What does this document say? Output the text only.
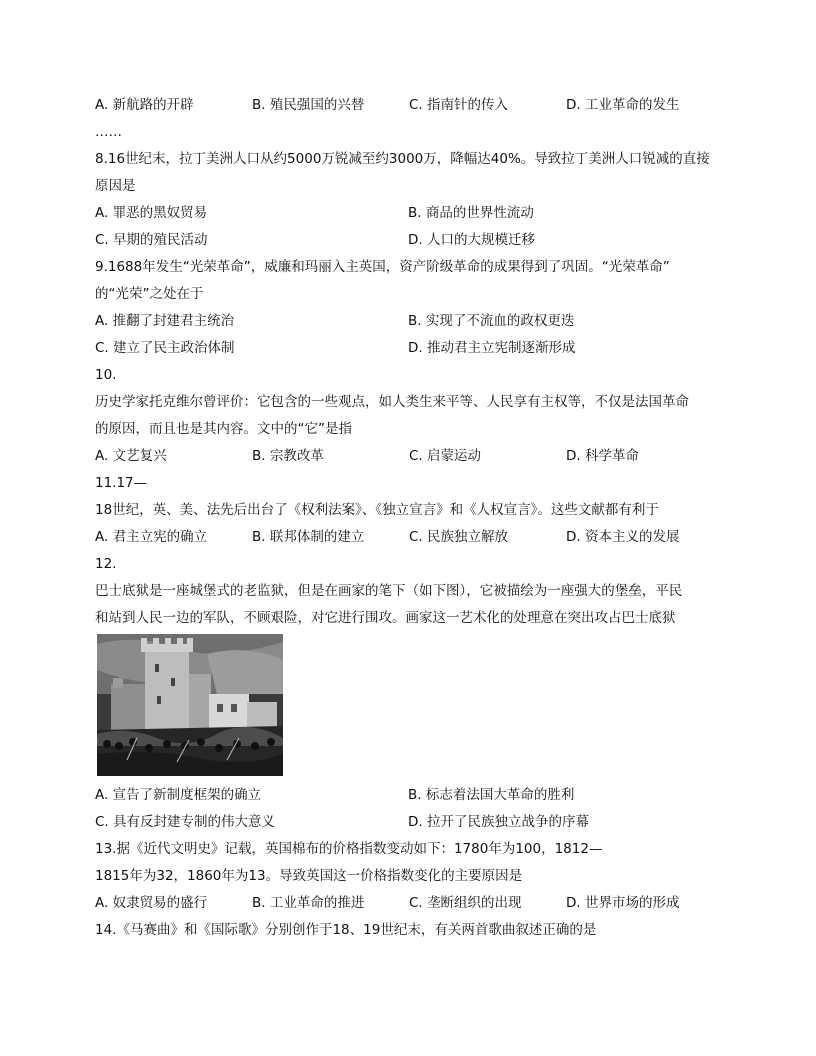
A. 新航路的开辟	B. 殖民强国的兴替	C. 指南针的传入	D. 工业革命的发生
……
8.16世纪末，拉丁美洲人口从约5000万锐减至约3000万，降幅达40%。导致拉丁美洲人口锐减的直接
原因是
A. 罪恶的黑奴贸易	B. 商品的世界性流动
C. 早期的殖民活动	D. 人口的大规模迁移
9.1688年发生“光荣革命”，威廉和玛丽入主英国，资产阶级革命的成果得到了巩固。“光荣革命”
的“光荣”之处在于
A. 推翻了封建君主统治	B. 实现了不流血的政权更迭
C. 建立了民主政治体制	D. 推动君主立宪制逐渐形成
10.
历史学家托克维尔曾评价：它包含的一些观点，如人类生来平等、人民享有主权等，不仅是法国革命
的原因，而且也是其内容。文中的“它”是指
A. 文艺复兴	B. 宗教改革	C. 启蒙运动	D. 科学革命
11.17—
18世纪，英、美、法先后出台了《权利法案》、《独立宣言》和《人权宣言》。这些文献都有利于
A. 君主立宪的确立	B. 联邦体制的建立	C. 民族独立解放	D. 资本主义的发展
12.
巴士底狱是一座城堡式的老监狱，但是在画家的笔下（如下图），它被描绘为一座强大的堡垒，平民
和站到人民一边的军队，不顾艰险，对它进行围攻。画家这一艺术化的处理意在突出攻占巴士底狱
A. 宣告了新制度框架的确立	B. 标志着法国大革命的胜利
C. 具有反封建专制的伟大意义	D. 拉开了民族独立战争的序幕
13.据《近代文明史》记载，英国棉布的价格指数变动如下：1780年为100，1812—
1815年为32，1860年为13。导致英国这一价格指数变化的主要原因是
A. 奴隶贸易的盛行	B. 工业革命的推进	C. 垄断组织的出现	D. 世界市场的形成
14.《马赛曲》和《国际歌》分别创作于18、19世纪末，有关两首歌曲叙述正确的是
